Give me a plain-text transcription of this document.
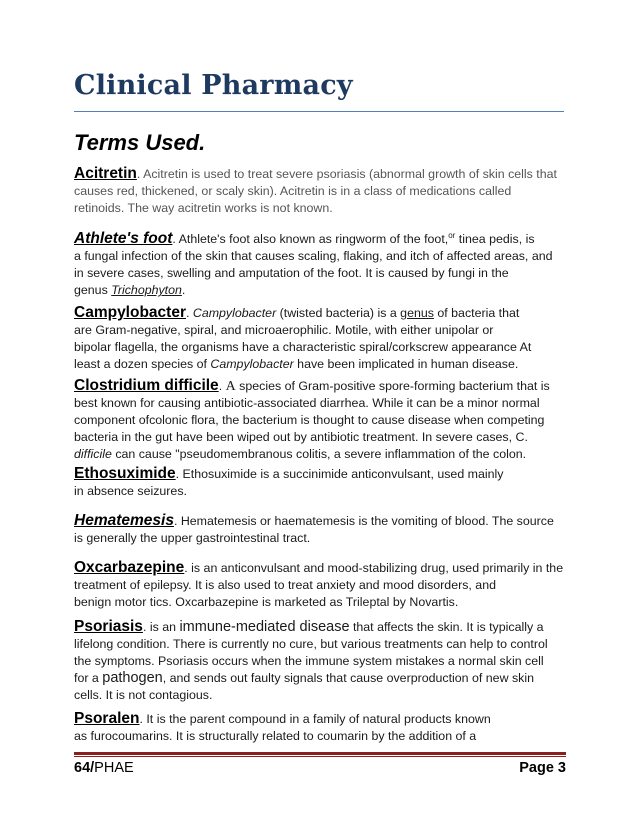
Clinical Pharmacy
Terms Used.
Acitretin. Acitretin is used to treat severe psoriasis (abnormal growth of skin cells that
causes red, thickened, or scaly skin). Acitretin is in a class of medications called
retinoids. The way acitretin works is not known.
Athlete's foot. Athlete's foot also known as ringworm of the foot,$^{or}$ tinea pedis, is
a fungal infection of the skin that causes scaling, flaking, and itch of affected areas, and
in severe cases, swelling and amputation of the foot. It is caused by fungi in the
genus Trichophyton.
Campylobacter. Campylobacter (twisted bacteria) is a genus of bacteria that
are Gram-negative, spiral, and microaerophilic. Motile, with either unipolar or
bipolar flagella, the organisms have a characteristic spiral/corkscrew appearance At
least a dozen species of Campylobacter have been implicated in human disease.
Clostridium difficile. A species of Gram-positive spore-forming bacterium that is
best known for causing antibiotic-associated diarrhea. While it can be a minor normal
component ofcolonic flora, the bacterium is thought to cause disease when competing
bacteria in the gut have been wiped out by antibiotic treatment. In severe cases, C.
difficile can cause "pseudomembranous colitis, a severe inflammation of the colon.
Ethosuximide. Ethosuximide is a succinimide anticonvulsant, used mainly
in absence seizures.
Hematemesis. Hematemesis or haematemesis is the vomiting of blood. The source
is generally the upper gastrointestinal tract.
Oxcarbazepine. is an anticonvulsant and mood-stabilizing drug, used primarily in the
treatment of epilepsy. It is also used to treat anxiety and mood disorders, and
benign motor tics. Oxcarbazepine is marketed as Trileptal by Novartis.
Psoriasis. is an immune-mediated disease that affects the skin. It is typically a
lifelong condition. There is currently no cure, but various treatments can help to control
the symptoms. Psoriasis occurs when the immune system mistakes a normal skin cell
for a pathogen, and sends out faulty signals that cause overproduction of new skin
cells. It is not contagious.
Psoralen. It is the parent compound in a family of natural products known
as furocoumarins. It is structurally related to coumarin by the addition of a
64/PHAE	Page 3
